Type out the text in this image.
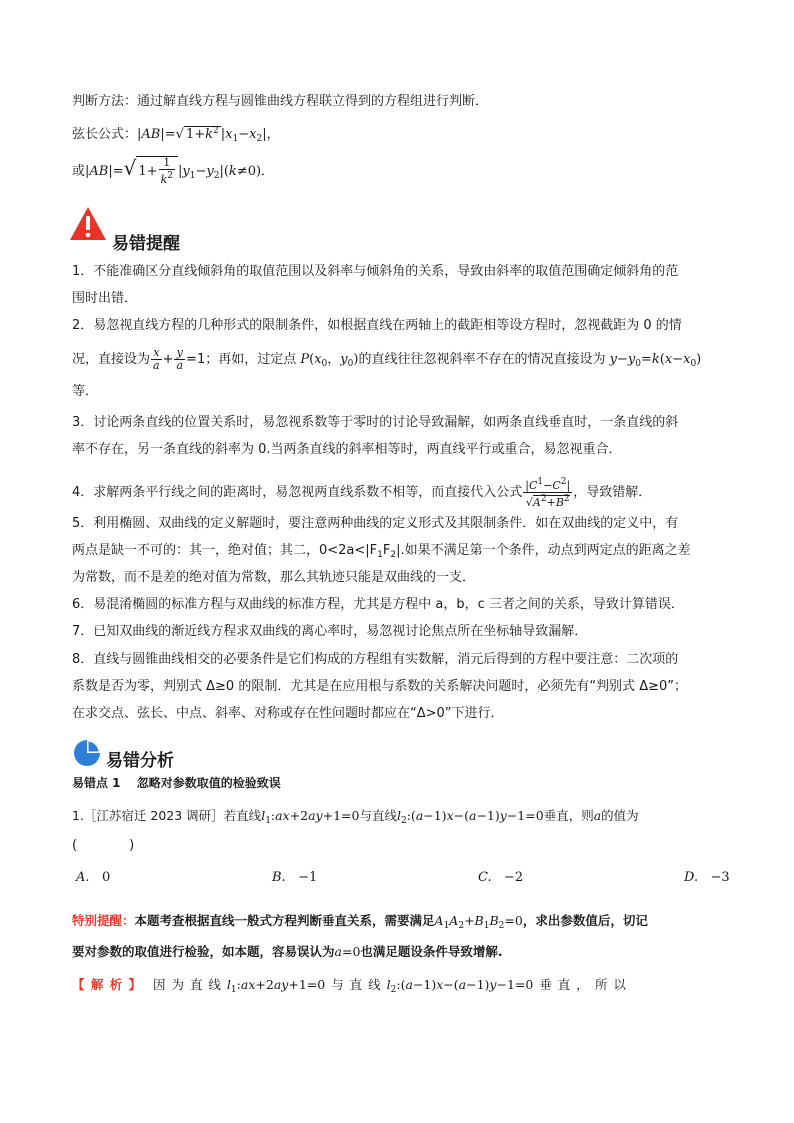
判断方法：通过解直线方程与圆锥曲线方程联立得到的方程组进行判断．
弦长公式：|AB|=√ $1+k^2$ $|x_1-x_2|$，
或|AB|=√ $1+ \frac{1}{k^2} |y_1-y_2|(k\ne 0)$．
易错提醒
1．不能准确区分直线倾斜角的取值范围以及斜率与倾斜角的关系，导致由斜率的取值范围确定倾斜角的范
围时出错．
2．易忽视直线方程的几种形式的限制条件，如根据直线在两轴上的截距相等设方程时，忽视截距为 0 的情
况，直接设为 $\frac{x}{a} + \frac{y}{a} =1$；再如，过定点 $P(x_0$，$y_0$)的直线往往忽视斜率不存在的情况直接设为 $y-y_0=k(x-x_0)$
等．
3．讨论两条直线的位置关系时，易忽视系数等于零时的讨论导致漏解，如两条直线垂直时，一条直线的斜
率不存在，另一条直线的斜率为 0.当两条直线的斜率相等时，两直线平行或重合，易忽视重合．
4．求解两条平行线之间的距离时，易忽视两直线系数不相等，而直接代入公式 $\frac{|C^1-C^2|}{√A^2+B^2}$ ，导致错解．
5．利用椭圆、双曲线的定义解题时，要注意两种曲线的定义形式及其限制条件．如在双曲线的定义中，有
两点是缺一不可的：其一，绝对值；其二，$0<2a<|F_1F_2|$.如果不满足第一个条件，动点到两定点的距离之差
为常数，而不是差的绝对值为常数，那么其轨迹只能是双曲线的一支．
6．易混淆椭圆的标准方程与双曲线的标准方程，尤其是方程中 a，b，c 三者之间的关系，导致计算错误．
7．已知双曲线的渐近线方程求双曲线的离心率时，易忽视讨论焦点所在坐标轴导致漏解．
8．直线与圆锥曲线相交的必要条件是它们构成的方程组有实数解，消元后得到的方程中要注意：二次项的
系数是否为零，判别式 Δ≥0 的限制．尤其是在应用根与系数的关系解决问题时，必须先有“判别式 Δ≥0”；
在求交点、弦长、中点、斜率、对称或存在性问题时都应在“Δ>0”下进行．
易错分析
易错点 1　 忽略对参数取值的检验致误
1.［江苏宿迁 2023 调研］若直线$l_1:ax+2ay+1=0$与直线$l_2:(a-1)x-(a-1)y-1=0$垂直，则a的值为
(　　　　)
A. 0	B. −1	C. −2	D. −3
特别提醒：本题考查根据直线一般式方程判断垂直关系，需要满足$A_1A_2+B_1B_2=0$，求出参数值后，切记
要对参数的取值进行检验，如本题，容易误认为a=0也满足题设条件导致增解.
【 解 析 】 因 为 直 线 $l_1:ax+2ay+1=0$ 与 直 线 $l_2:(a-1)x-(a-1)y-1=0$ 垂 直 ，　所 以
